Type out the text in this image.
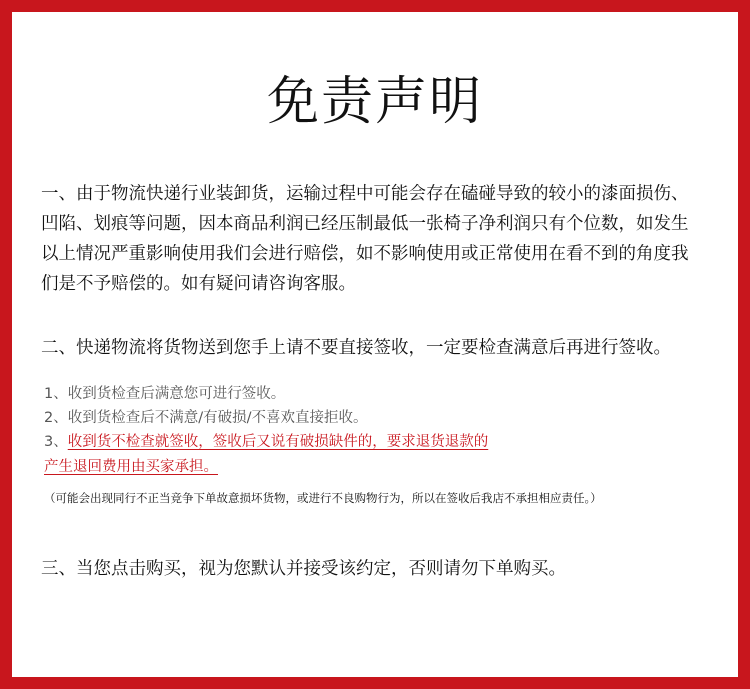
免责声明

一、由于物流快递行业装卸货，运输过程中可能会存在磕碰导致的较小的漆面损伤、凹陷、划痕等问题，因本商品利润已经压制最低一张椅子净利润只有个位数，如发生以上情况严重影响使用我们会进行赔偿，如不影响使用或正常使用在看不到的角度我们是不予赔偿的。如有疑问请咨询客服。

二、快递物流将货物送到您手上请不要直接签收，一定要检查满意后再进行签收。

1、收到货检查后满意您可进行签收。
2、收到货检查后不满意/有破损/不喜欢直接拒收。
3、收到货不检查就签收，签收后又说有破损缺件的，要求退货退款的
产生退回费用由买家承担。
（可能会出现同行不正当竞争下单故意损坏货物，或进行不良购物行为，所以在签收后我店不承担相应责任。）

三、当您点击购买，视为您默认并接受该约定，否则请勿下单购买。
